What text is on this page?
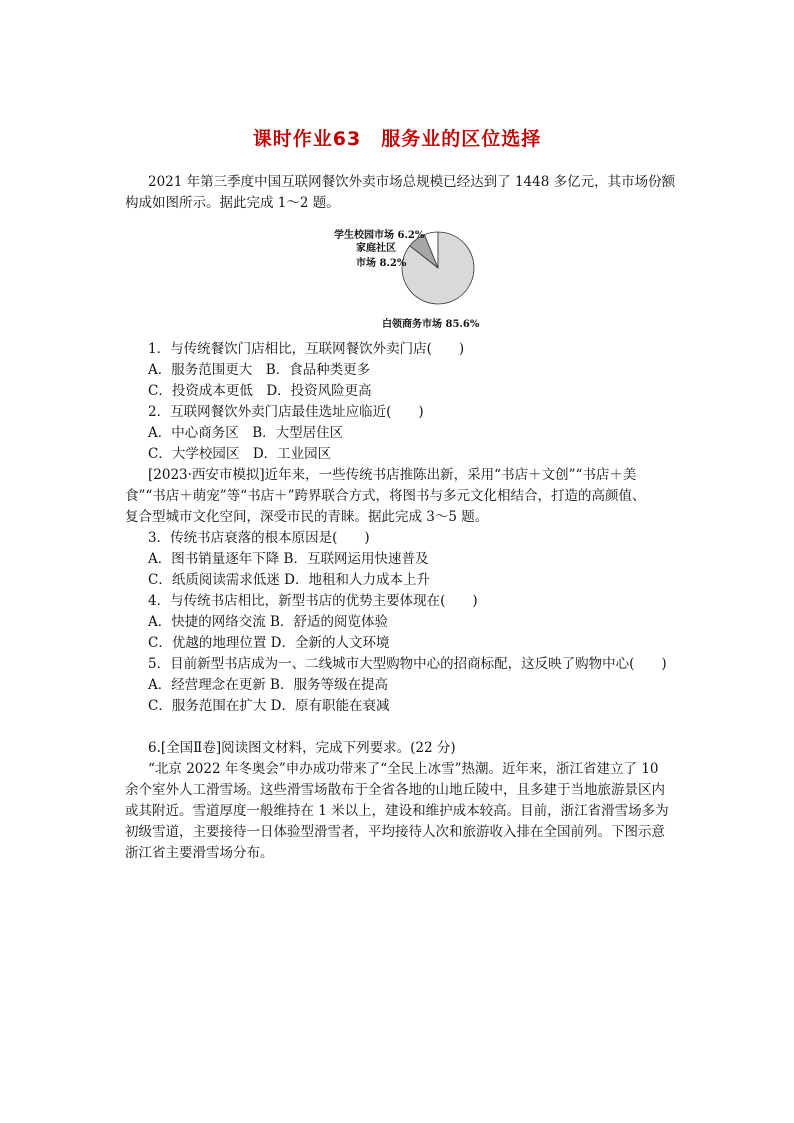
课时作业63　服务业的区位选择
2021 年第三季度中国互联网餐饮外卖市场总规模已经达到了 1448 多亿元，其市场份额
构成如图所示。据此完成 1～2 题。
学生校园市场 6.2%
家庭社区
市场 8.2%
白领商务市场 85.6%
1．与传统餐饮门店相比，互联网餐饮外卖门店(　　)
A．服务范围更大　B．食品种类更多
C．投资成本更低　D．投资风险更高
2．互联网餐饮外卖门店最佳选址应临近(　　)
A．中心商务区　B．大型居住区
C．大学校园区　D．工业园区
[2023·西安市模拟]近年来，一些传统书店推陈出新，采用“书店＋文创”“书店＋美
食”“书店＋萌宠”等“书店＋”跨界联合方式，将图书与多元文化相结合，打造的高颜值、
复合型城市文化空间，深受市民的青睐。据此完成 3～5 题。
3．传统书店衰落的根本原因是(　　)
A．图书销量逐年下降 B．互联网运用快速普及
C．纸质阅读需求低迷 D．地租和人力成本上升
4．与传统书店相比，新型书店的优势主要体现在(　　)
A．快捷的网络交流 B．舒适的阅览体验
C．优越的地理位置 D．全新的人文环境
5．目前新型书店成为一、二线城市大型购物中心的招商标配，这反映了购物中心(　　)
A．经营理念在更新 B．服务等级在提高
C．服务范围在扩大 D．原有职能在衰减
6.[全国Ⅱ卷]阅读图文材料，完成下列要求。(22 分)
“北京 2022 年冬奥会”申办成功带来了“全民上冰雪”热潮。近年来，浙江省建立了 10
余个室外人工滑雪场。这些滑雪场散布于全省各地的山地丘陵中，且多建于当地旅游景区内
或其附近。雪道厚度一般维持在 1 米以上，建设和维护成本较高。目前，浙江省滑雪场多为
初级雪道，主要接待一日体验型滑雪者，平均接待人次和旅游收入排在全国前列。下图示意
浙江省主要滑雪场分布。
